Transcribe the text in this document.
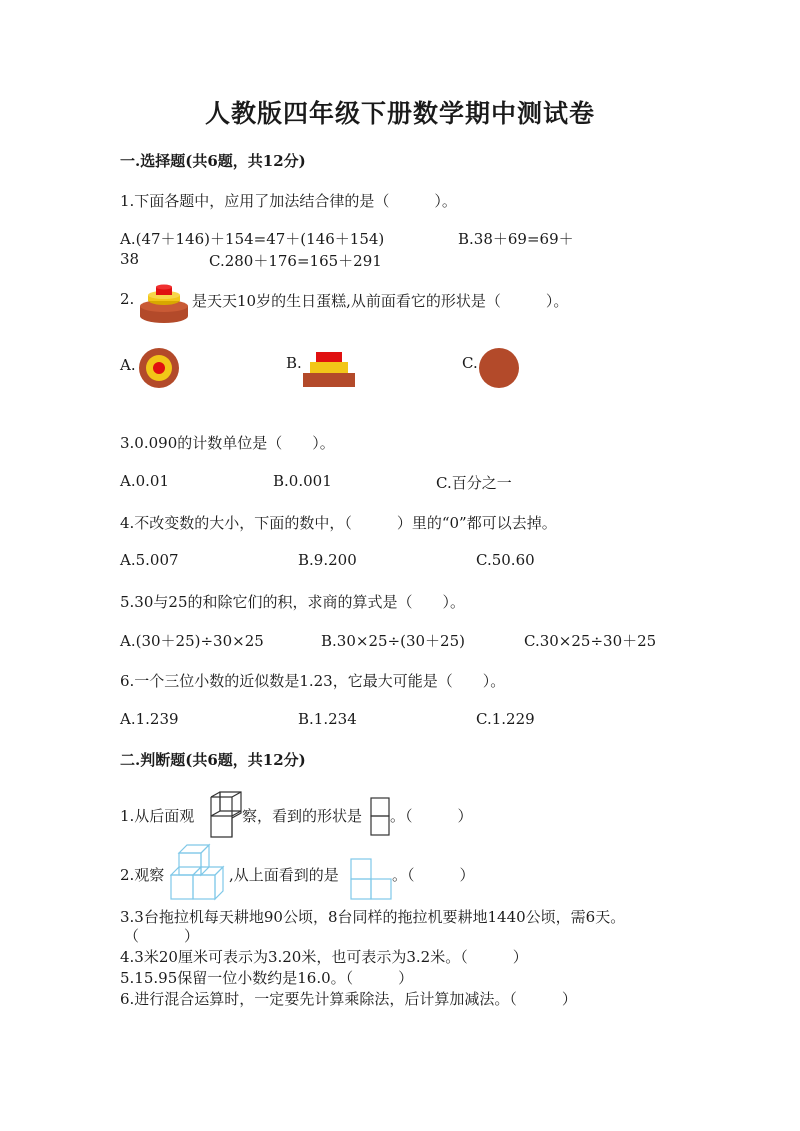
人教版四年级下册数学期中测试卷
一.选择题(共6题，共12分)
1.下面各题中，应用了加法结合律的是（　　　）。
A.(47＋146)＋154=47＋(146＋154)	B.38＋69=69＋
38	C.280＋176=165＋291
2.	是天天10岁的生日蛋糕,从前面看它的形状是（　　　）。
A.	B.	C.
3.0.090的计数单位是（　　）。
A.0.01	B.0.001	C.百分之一
4.不改变数的大小，下面的数中，（　　　）里的“0”都可以去掉。
A.5.007	B.9.200	C.50.60
5.30与25的和除它们的积，求商的算式是（　　）。
A.(30＋25)÷30×25	B.30×25÷(30＋25)	C.30×25÷30＋25
6.一个三位小数的近似数是1.23，它最大可能是（　　）。
A.1.239	B.1.234	C.1.229
二.判断题(共6题，共12分)
1.从后面观	察，看到的形状是 。（　　　）
2.观察	,从上面看到的是	。（　　　）
3.3台拖拉机每天耕地90公顷，8台同样的拖拉机要耕地1440公顷，需6天。
（　　　）
4.3米20厘米可表示为3.20米，也可表示为3.2米。（　　　）
5.15.95保留一位小数约是16.0。（　　　）
6.进行混合运算时，一定要先计算乘除法，后计算加减法。（　　　）
